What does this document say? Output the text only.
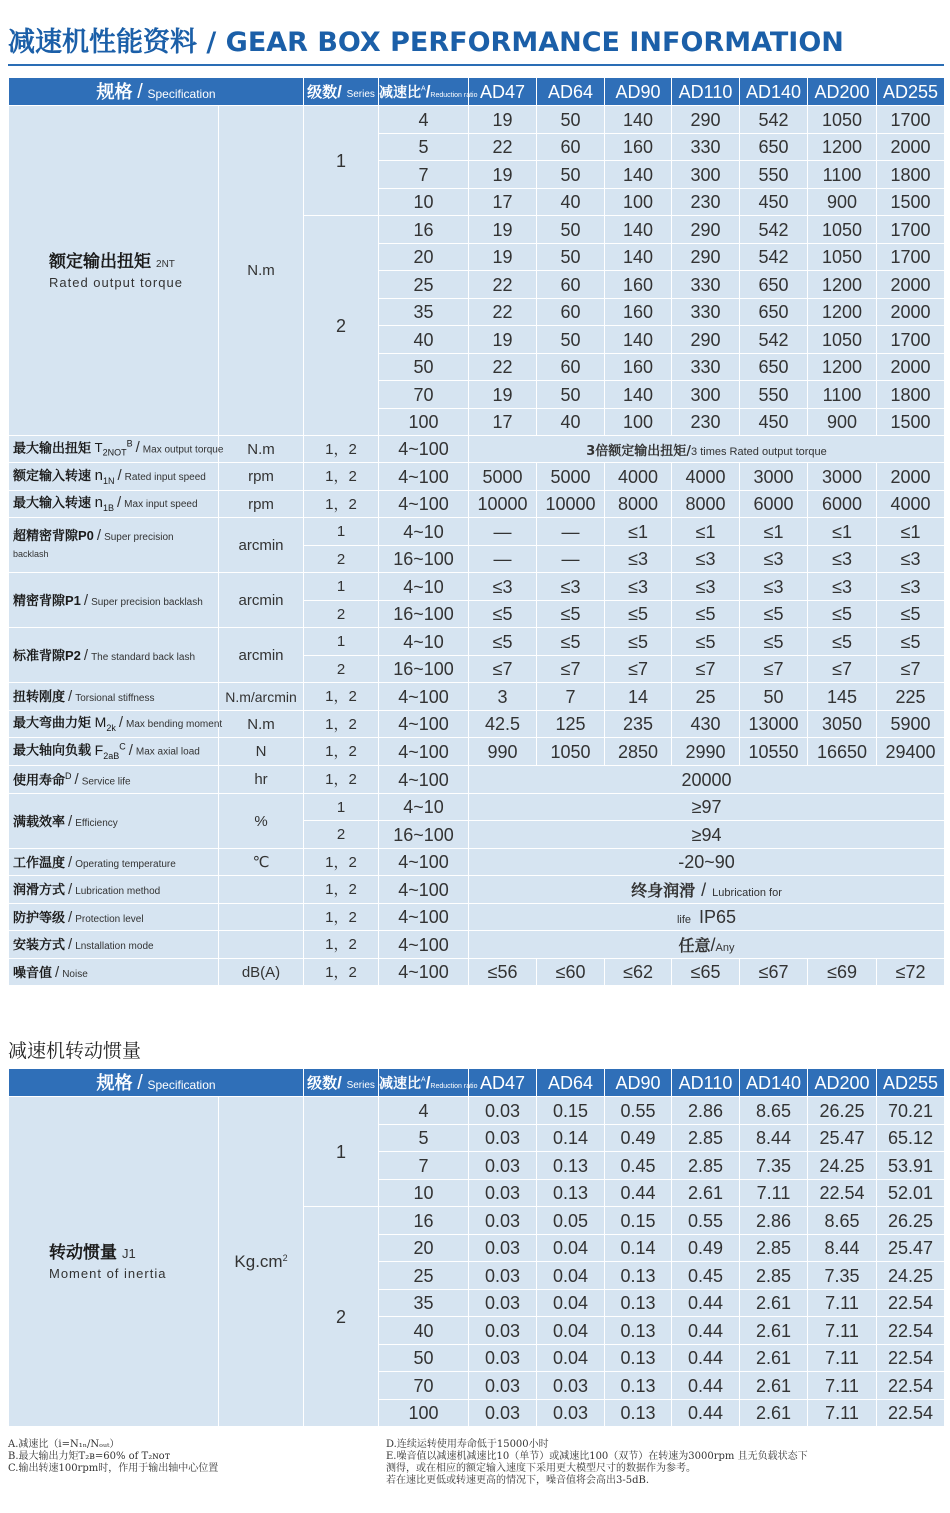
减速机性能资料 / GEAR BOX PERFORMANCE INFORMATION
规格 / Specification		级数/ Series	减速比$^A$/Reduction ratio	AD47	AD64	AD90	AD110	AD140	AD200	AD255

额定输出扭矩 2NT
Rated output torque	N.m	1	4	19	50	140	290	542	1050	1700
			5	22	60	160	330	650	1200	2000
			7	19	50	140	300	550	1100	1800
			10	17	40	100	230	450	900	1500
		2	16	19	50	140	290	542	1050	1700
			20	19	50	140	290	542	1050	1700
			25	22	60	160	330	650	1200	2000
			35	22	60	160	330	650	1200	2000
			40	19	50	140	290	542	1050	1700
			50	22	60	160	330	650	1200	2000
			70	19	50	140	300	550	1100	1800
			100	17	40	100	230	450	900	1500
最大输出扭矩 $T_{2NOT}^B$ / Max output torque	N.m	1，2	4~100	3倍额定输出扭矩/3 times Rated output torque						
额定输入转速 $n_{1N}$ / Rated input speed	rpm	1，2	4~100	5000	5000	4000	4000	3000	3000	2000
最大输入转速 $n_{1B}$ / Max input speed	rpm	1，2	4~100	10000	10000	8000	8000	6000	6000	4000
超精密背隙P0 / Super precision
backlash	arcmin	1	4~10	—	—	≤1	≤1	≤1	≤1	≤1
		2	16~100	—	—	≤3	≤3	≤3	≤3	≤3
精密背隙P1 / Super precision backlash	arcmin	1	4~10	≤3	≤3	≤3	≤3	≤3	≤3	≤3
		2	16~100	≤5	≤5	≤5	≤5	≤5	≤5	≤5
标准背隙P2 / The standard back lash	arcmin	1	4~10	≤5	≤5	≤5	≤5	≤5	≤5	≤5
		2	16~100	≤7	≤7	≤7	≤7	≤7	≤7	≤7
扭转刚度 / Torsional stiffness	N.m/arcmin	1，2	4~100	3	7	14	25	50	145	225
最大弯曲力矩 $M_{2k}$ / Max bending moment	N.m	1，2	4~100	42.5	125	235	430	13000	3050	5900
最大轴向负载 $F_{2aB}^C$ / Max axial load	N	1，2	4~100	990	1050	2850	2990	10550	16650	29400
使用寿命$^D$ / Service life	hr	1，2	4~100	20000						
满载效率 / Efficiency	%	1	4~10	≥97						
		2	16~100	≥94						
工作温度 / Operating temperature	℃	1，2	4~100	-20~90						
润滑方式 / Lubrication method		1，2	4~100	终身润滑 / Lubrication for						
防护等级 / Protection level		1，2	4~100	life IP65						
安装方式 / Lnstallation mode		1，2	4~100	任意/Any						
噪音值 / Noise	dB(A)	1，2	4~100	≤56	≤60	≤62	≤65	≤67	≤69	≤72
减速机转动惯量
规格 / Specification		级数/ Series	减速比$^A$/Reduction ratio	AD47	AD64	AD90	AD110	AD140	AD200	AD255

转动惯量 J1
Moment of inertia	$Kg.cm^2$	1	4	0.03	0.15	0.55	2.86	8.65	26.25	70.21
			5	0.03	0.14	0.49	2.85	8.44	25.47	65.12
			7	0.03	0.13	0.45	2.85	7.35	24.25	53.91
			10	0.03	0.13	0.44	2.61	7.11	22.54	52.01
		2	16	0.03	0.05	0.15	0.55	2.86	8.65	26.25
			20	0.03	0.04	0.14	0.49	2.85	8.44	25.47
			25	0.03	0.04	0.13	0.45	2.85	7.35	24.25
			35	0.03	0.04	0.13	0.44	2.61	7.11	22.54
			40	0.03	0.04	0.13	0.44	2.61	7.11	22.54
			50	0.03	0.04	0.13	0.44	2.61	7.11	22.54
			70	0.03	0.03	0.13	0.44	2.61	7.11	22.54
			100	0.03	0.03	0.13	0.44	2.61	7.11	22.54
A.减速比（i=N₁ₙ/Nₒᵤₜ）
B.最大输出力矩T₂ʙ=60% of T₂ɴᴏᴛ
C.输出转速100rpm时，作用于输出轴中心位置
D.连续运转使用寿命低于15000小时
E.噪音值以减速机减速比10（单节）或减速比100（双节）在转速为3000rpm 且无负载状态下
测得，或在相应的额定输入速度下采用更大模型尺寸的数据作为参考。
若在速比更低或转速更高的情况下，噪音值将会高出3-5dB.
